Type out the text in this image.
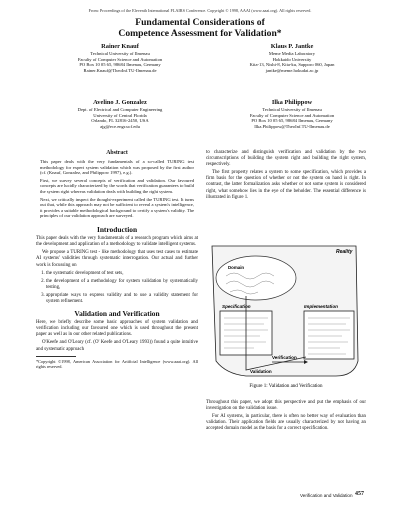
From: Proceedings of the Eleventh International FLAIRS Conference. Copyright © 1998, AAAI (www.aaai.org). All rights reserved.
Fundamental Considerations of
Competence Assessment for Validation*
Rainer Knauf
Technical University of Ilmenau
Faculty of Computer Science and Automation
PO Box 10 05 65, 98684 Ilmenau, Germany
Rainer.Knauf@TheoInf.TU-Ilmenau.de
Klaus P. Jantke
Meme Media Laboratory
Hokkaido University
Kita-13, Nishi-8, Kita-ku, Sapporo 060, Japan
jantke@meme.hokudai.ac.jp
Avelino J. Gonzalez
Dept. of Electrical and Computer Engineering
University of Central Florida
Orlando, FL 32816-2450, USA
ajg@ece.engr.ucf.edu
Ilka Philippow
Technical University of Ilmenau
Faculty of Computer Science and Automation
PO Box 10 05 65, 98684 Ilmenau, Germany
Ilka.Philippow@TheoInf.TU-Ilmenau.de
Abstract

This paper deals with the very fundamentals of a so-called TURING test methodology for expert system validation which was proposed by the first author (cf. (Knauf, Gonzalez, and Philippow 1997), e.g.).

First, we survey several concepts of verification and validation. Our favoured concepts are lucidly characterized by the words that verification guarantees to build the system right whereas validation deals with building the right system.

Next, we critically inspect the thought-experiment called the TURING test. It turns out that, while this approach may not be sufficient to reveal a system's intelligence, it provides a suitable methodological background to certify a system's validity. The principles of our validation approach are surveyed.

Introduction

This paper deals with the very fundamentals of a research program which aims at the development and application of a methodology to validate intelligent systems.

We propose a TURING test - like methodology that uses test cases to estimate AI systems' validities through systematic interrogation. Our actual and further work is focussing on

1. the systematic development of test sets,
2. the development of a methodology for system validation by systematically testing,
3. appropriate ways to express validity and to use a validity statement for system refinement.
Validation and Verification

Here, we briefly describe some basic approaches of system validation and verification including our favoured one which is used throughout the present paper as well as in our other related publications.

O'Keefe and O'Leary (cf. (O' Keefe and O'Leary 1993)) found a quite intuitive and systematic approach

*Copyright ©1998, American Association for Artificial Intelligence (www.aaai.org). All rights reserved.

to characterize and distinguish verification and validation by the two circumscriptions of building the system right and building the right system, respectively.

The first property relates a system to some specification, which provides a firm basis for the question of whether or not the system on hand is right. In contrast, the latter formalization asks whether or not some system is considered right, what somehow lies in the eye of the beholder. The essential difference is illustrated in figure 1.

Reality
Domain
Specification	Implementation
Verification
Validation
Figure 1: Validation and Verification

Throughout this paper, we adopt this perspective and put the emphasis of our investigation on the validation issue.

For AI systems, in particular, there is often no better way of evaluation than validation. Their application fields are usually characterized by not having an accepted domain model as the basis for a correct specification.

Verification and Validation 457
